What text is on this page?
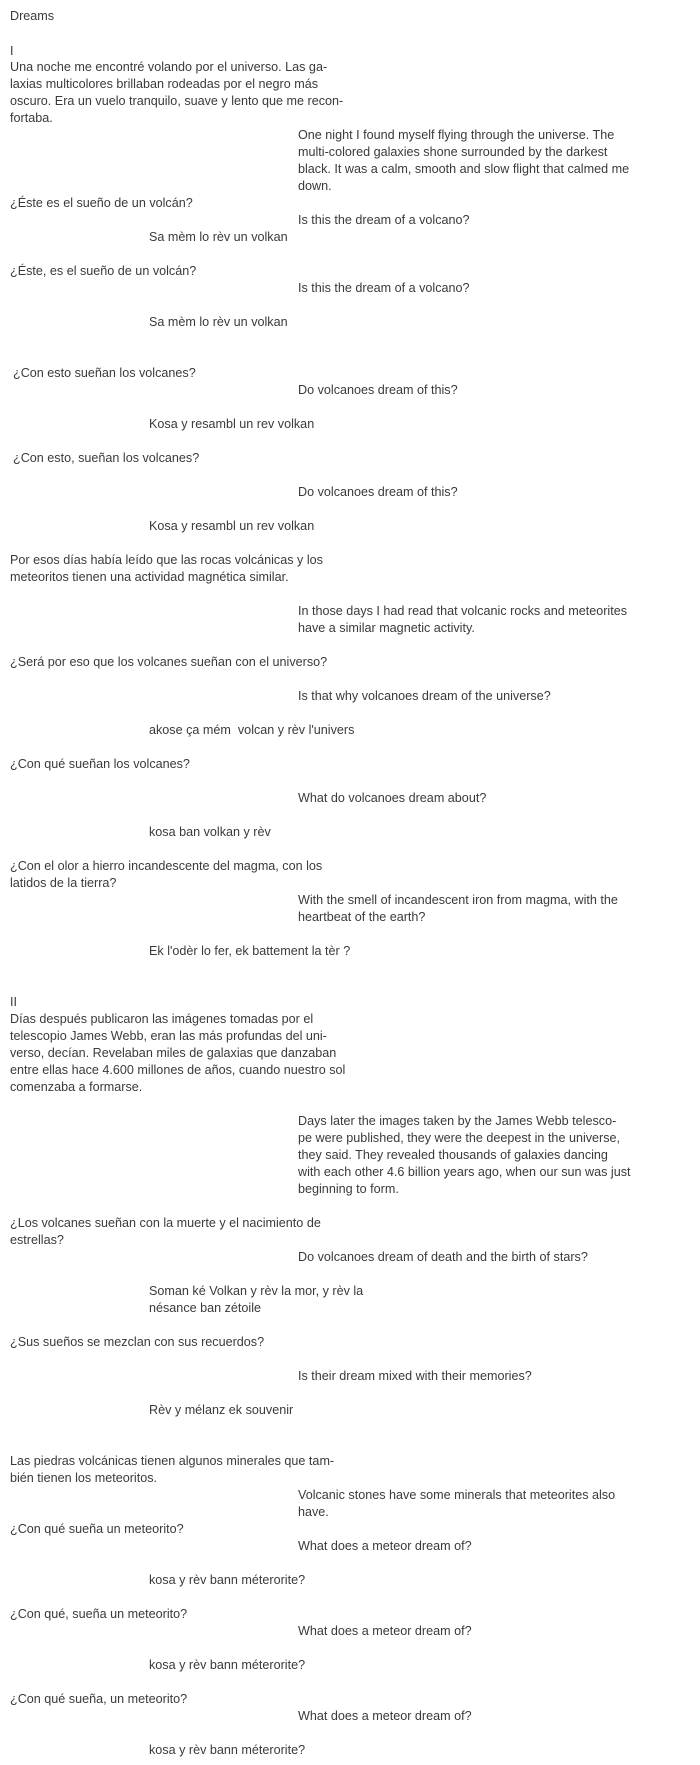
Dreams

I

Una noche me encontré volando por el universo. Las ga-

laxias multicolores brillaban rodeadas por el negro más

oscuro. Era un vuelo tranquilo, suave y lento que me recon-

fortaba.

One night I found myself flying through the universe. The

multi-colored galaxies shone surrounded by the darkest

black. It was a calm, smooth and slow flight that calmed me

down.

¿Éste es el sueño de un volcán?

Is this the dream of a volcano?

Sa mèm lo rèv un volkan

¿Éste, es el sueño de un volcán?

Is this the dream of a volcano?

Sa mèm lo rèv un volkan

¿Con esto sueñan los volcanes?

Do volcanoes dream of this?

Kosa y resambl un rev volkan

¿Con esto, sueñan los volcanes?

Do volcanoes dream of this?

Kosa y resambl un rev volkan

Por esos días había leído que las rocas volcánicas y los

meteoritos tienen una actividad magnética similar.

In those days I had read that volcanic rocks and meteorites

have a similar magnetic activity.

¿Será por eso que los volcanes sueñan con el universo?

Is that why volcanoes dream of the universe?

akose ça mém  volcan y rèv l'univers

¿Con qué sueñan los volcanes?

What do volcanoes dream about?

kosa ban volkan y rèv

¿Con el olor a hierro incandescente del magma, con los

latidos de la tierra?

With the smell of incandescent iron from magma, with the

heartbeat of the earth?

Ek l'odèr lo fer, ek battement la tèr ?

II

Días después publicaron las imágenes tomadas por el

telescopio James Webb, eran las más profundas del uni-

verso, decían. Revelaban miles de galaxias que danzaban

entre ellas hace 4.600 millones de años, cuando nuestro sol

comenzaba a formarse.

Days later the images taken by the James Webb telesco-

pe were published, they were the deepest in the universe,

they said. They revealed thousands of galaxies dancing

with each other 4.6 billion years ago, when our sun was just

beginning to form.

¿Los volcanes sueñan con la muerte y el nacimiento de

estrellas?

Do volcanoes dream of death and the birth of stars?

Soman ké Volkan y rèv la mor, y rèv la

nésance ban zétoile

¿Sus sueños se mezclan con sus recuerdos?

Is their dream mixed with their memories?

Rèv y mélanz ek souvenir

Las piedras volcánicas tienen algunos minerales que tam-

bién tienen los meteoritos.

Volcanic stones have some minerals that meteorites also

have.

¿Con qué sueña un meteorito?

What does a meteor dream of?

kosa y rèv bann méterorite?

¿Con qué, sueña un meteorito?

What does a meteor dream of?

kosa y rèv bann méterorite?

¿Con qué sueña, un meteorito?

What does a meteor dream of?

kosa y rèv bann méterorite?
